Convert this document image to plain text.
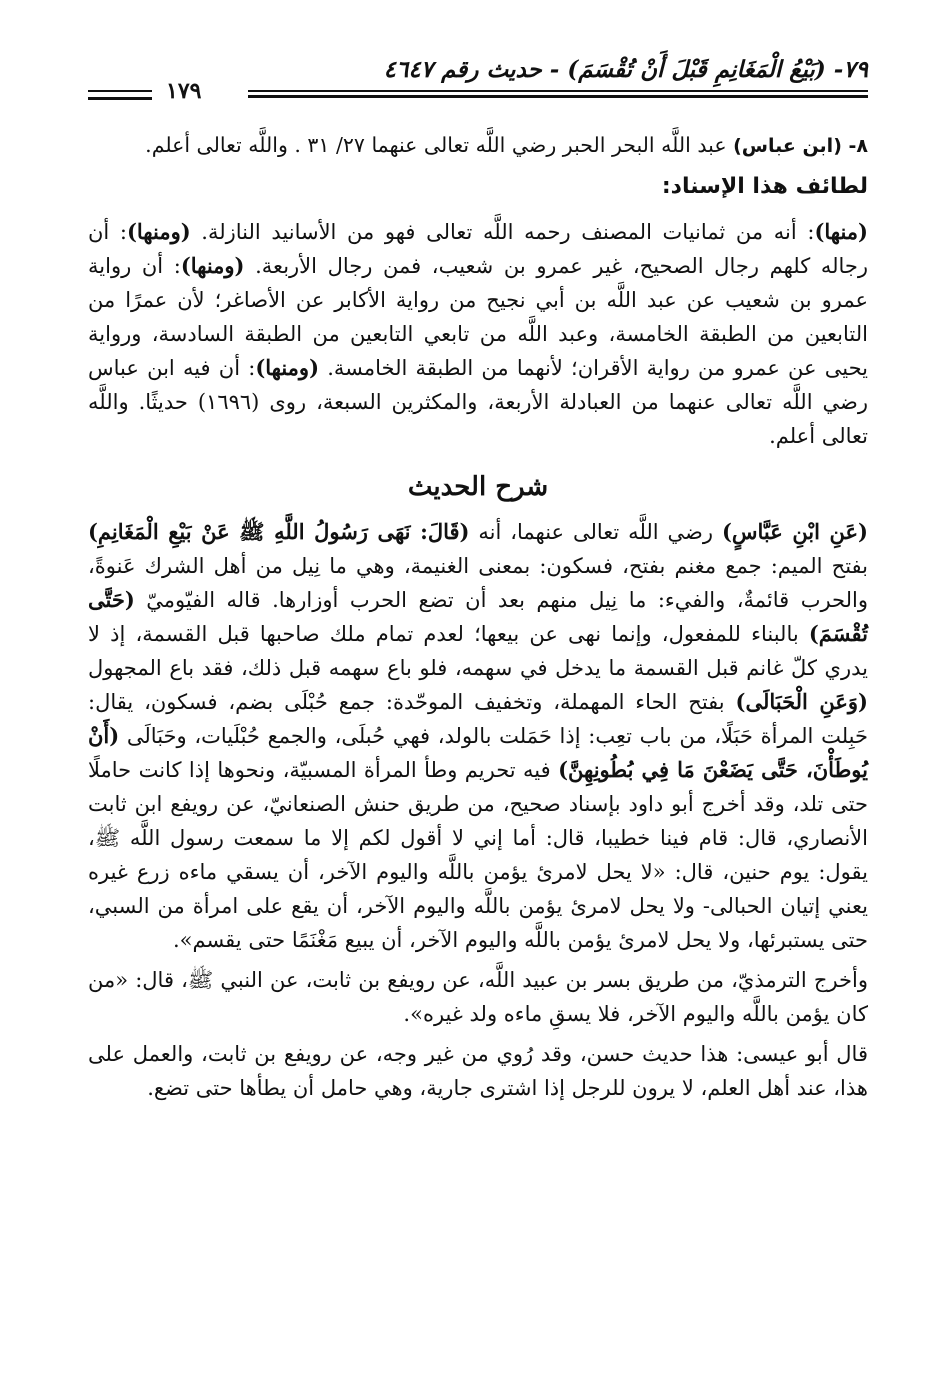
٧٩- (بَيْعُ الْمَغَانِمِ قَبْلَ أَنْ تُقْسَمَ) - حديث رقم ٤٦٤٧
١٧٩

٨- (ابن عباس) عبد اللَّه البحر الحبر رضي اللَّه تعالى عنهما ٢٧/ ٣١ . واللَّه تعالى أعلم.

لطائف هذا الإسناد:

(منها): أنه من ثمانيات المصنف رحمه اللَّه تعالى فهو من الأسانيد النازلة. (ومنها): أن رجاله كلهم رجال الصحيح، غير عمرو بن شعيب، فمن رجال الأربعة. (ومنها): أن رواية عمرو بن شعيب عن عبد اللَّه بن أبي نجيح من رواية الأكابر عن الأصاغر؛ لأن عمرًا من التابعين من الطبقة الخامسة، وعبد اللَّه من تابعي التابعين من الطبقة السادسة، ورواية يحيى عن عمرو من رواية الأقران؛ لأنهما من الطبقة الخامسة. (ومنها): أن فيه ابن عباس رضي اللَّه تعالى عنهما من العبادلة الأربعة، والمكثرين السبعة، روى (١٦٩٦) حديثًا. واللَّه تعالى أعلم.

شرح الحديث

(عَنِ ابْنِ عَبَّاسٍ) رضي اللَّه تعالى عنهما، أنه (قَالَ: نَهَى رَسُولُ اللَّهِ ﷺ عَنْ بَيْعِ الْمَغَانِمِ) بفتح الميم: جمع مغنم بفتح، فسكون: بمعنى الغنيمة، وهي ما نِيل من أهل الشرك عَنوةً، والحرب قائمةٌ، والفيء: ما نِيل منهم بعد أن تضع الحرب أوزارها. قاله الفيّوميّ (حَتَّى تُقْسَمَ) بالبناء للمفعول، وإنما نهى عن بيعها؛ لعدم تمام ملك صاحبها قبل القسمة، إذ لا يدري كلّ غانم قبل القسمة ما يدخل في سهمه، فلو باع سهمه قبل ذلك، فقد باع المجهول (وَعَنِ الْحَبَالَى) بفتح الحاء المهملة، وتخفيف الموحّدة: جمع حُبْلَى بضم، فسكون، يقال: حَبِلت المرأة حَبَلًا، من باب تعِب: إذا حَمَلت بالولد، فهي حُبلَى، والجمع حُبْلَيات، وحَبَالَى (أَنْ يُوطَأْنَ، حَتَّى يَضَعْنَ مَا فِي بُطُونِهِنَّ) فيه تحريم وطأ المرأة المسبيّة، ونحوها إذا كانت حاملًا حتى تلد، وقد أخرج أبو داود بإسناد صحيح، من طريق حنش الصنعانيّ، عن رويفع ابن ثابت الأنصاري، قال: قام فينا خطيبا، قال: أما إني لا أقول لكم إلا ما سمعت رسول اللَّه ﷺ، يقول: يوم حنين، قال: «لا يحل لامرئ يؤمن باللَّه واليوم الآخر، أن يسقي ماءه زرع غيره يعني إتيان الحبالى- ولا يحل لامرئ يؤمن باللَّه واليوم الآخر، أن يقع على امرأة من السبي، حتى يستبرئها، ولا يحل لامرئ يؤمن باللَّه واليوم الآخر، أن يبيع مَغْنَمًا حتى يقسم».

وأخرج الترمذيّ، من طريق بسر بن عبيد اللَّه، عن رويفع بن ثابت، عن النبي ﷺ، قال: «من كان يؤمن باللَّه واليوم الآخر، فلا يسقِ ماءه ولد غيره».

قال أبو عيسى: هذا حديث حسن، وقد رُوي من غير وجه، عن رويفع بن ثابت، والعمل على هذا، عند أهل العلم، لا يرون للرجل إذا اشترى جارية، وهي حامل أن يطأها حتى تضع.
